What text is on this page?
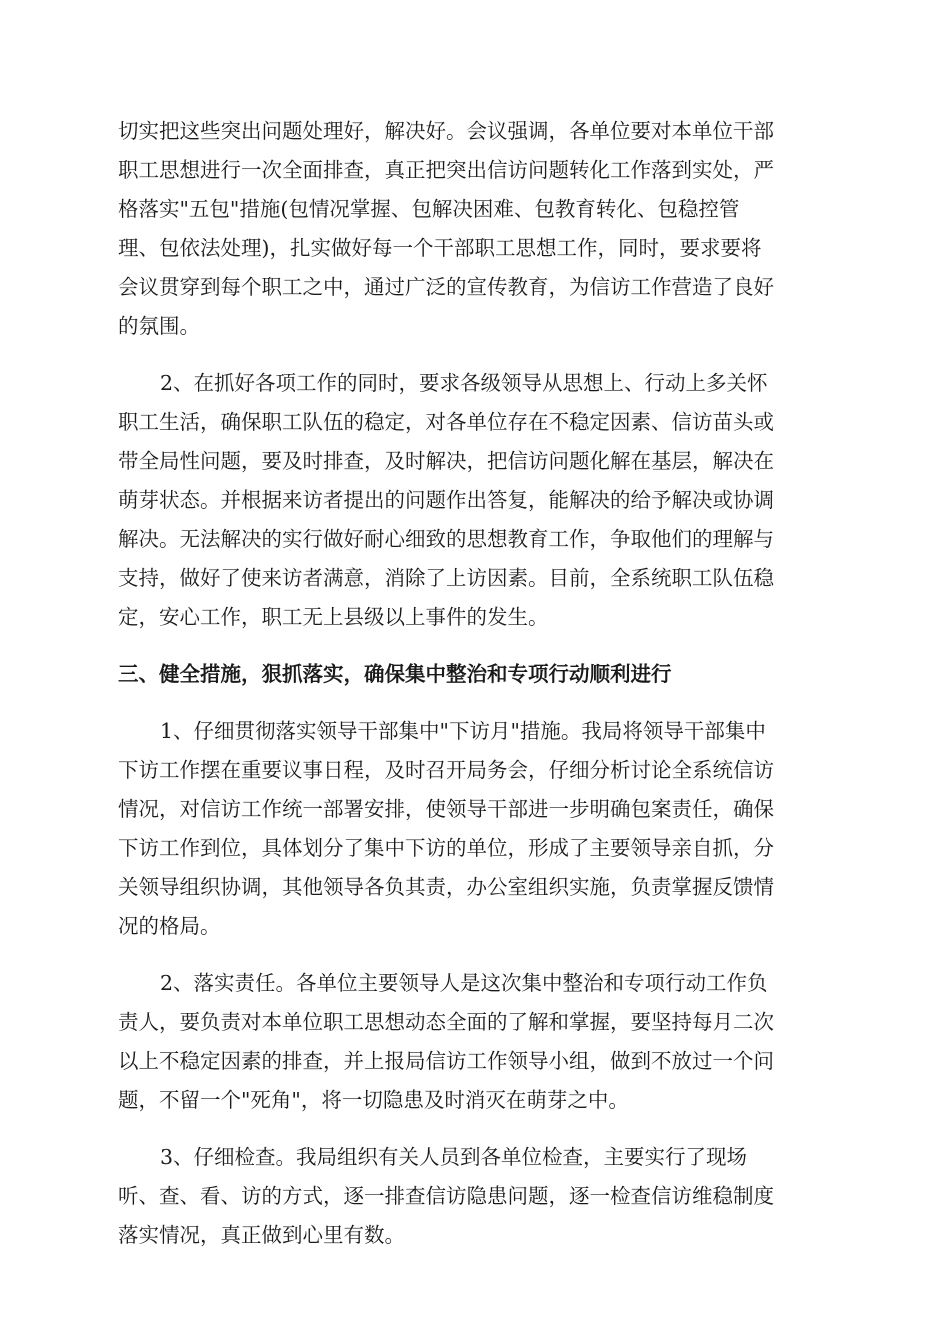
切实把这些突出问题处理好，解决好。会议强调，各单位要对本单位干部
职工思想进行一次全面排查，真正把突出信访问题转化工作落到实处，严
格落实"五包"措施(包情况掌握、包解决困难、包教育转化、包稳控管
理、包依法处理)，扎实做好每一个干部职工思想工作，同时，要求要将
会议贯穿到每个职工之中，通过广泛的宣传教育，为信访工作营造了良好
的氛围。
2、在抓好各项工作的同时，要求各级领导从思想上、行动上多关怀
职工生活，确保职工队伍的稳定，对各单位存在不稳定因素、信访苗头或
带全局性问题，要及时排查，及时解决，把信访问题化解在基层，解决在
萌芽状态。并根据来访者提出的问题作出答复，能解决的给予解决或协调
解决。无法解决的实行做好耐心细致的思想教育工作，争取他们的理解与
支持，做好了使来访者满意，消除了上访因素。目前，全系统职工队伍稳
定，安心工作，职工无上县级以上事件的发生。
三、健全措施，狠抓落实，确保集中整治和专项行动顺利进行
1、仔细贯彻落实领导干部集中"下访月"措施。我局将领导干部集中
下访工作摆在重要议事日程，及时召开局务会，仔细分析讨论全系统信访
情况，对信访工作统一部署安排，使领导干部进一步明确包案责任，确保
下访工作到位，具体划分了集中下访的单位，形成了主要领导亲自抓，分
关领导组织协调，其他领导各负其责，办公室组织实施，负责掌握反馈情
况的格局。
2、落实责任。各单位主要领导人是这次集中整治和专项行动工作负
责人，要负责对本单位职工思想动态全面的了解和掌握，要坚持每月二次
以上不稳定因素的排查，并上报局信访工作领导小组，做到不放过一个问
题，不留一个"死角"，将一切隐患及时消灭在萌芽之中。
3、仔细检查。我局组织有关人员到各单位检查，主要实行了现场
听、查、看、访的方式，逐一排查信访隐患问题，逐一检查信访维稳制度
落实情况，真正做到心里有数。
